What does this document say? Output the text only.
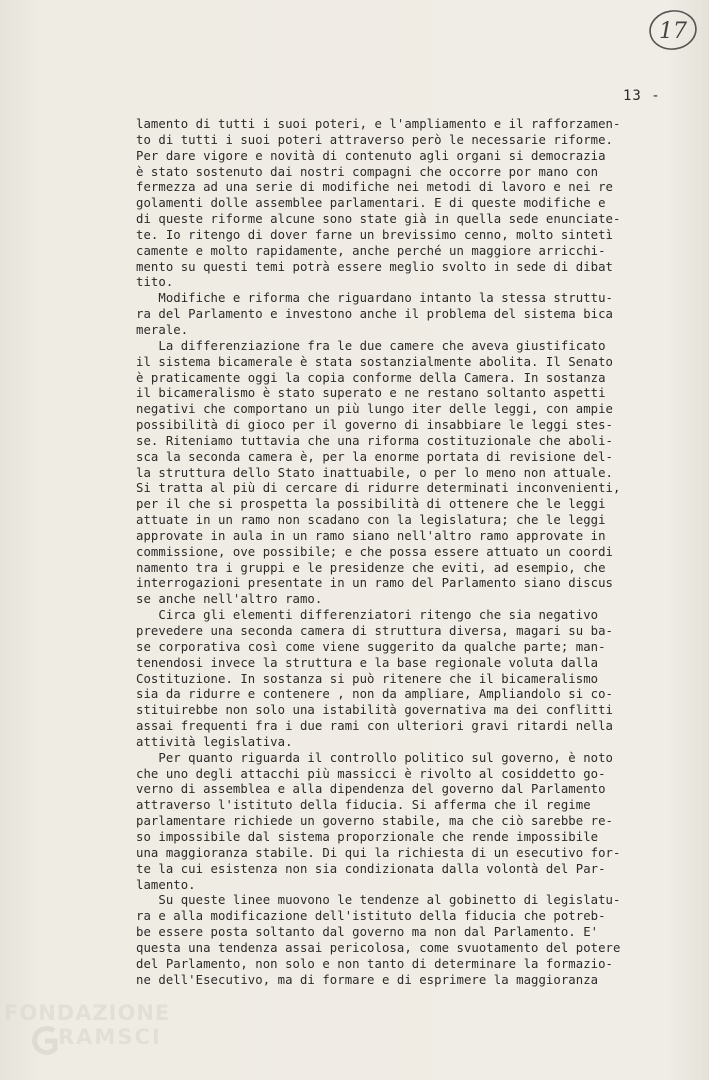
17
13 -
lamento di tutti i suoi poteri, e l'ampliamento e il rafforzamen-
to di tutti i suoi poteri attraverso però le necessarie riforme.
Per dare vigore e novità di contenuto agli organi si democrazia
è stato sostenuto dai nostri compagni che occorre por mano con
fermezza ad una serie di modifiche nei metodi di lavoro e nei re
golamenti dolle assemblee parlamentari. E di queste modifiche e
di queste riforme alcune sono state già in quella sede enunciate-
te. Io ritengo di dover farne un brevissimo cenno, molto sintetì
camente e molto rapidamente, anche perché un maggiore arricchi-
mento su questi temi potrà essere meglio svolto in sede di dibat
tito.
Modifiche e riforma che riguardano intanto la stessa struttu-
ra del Parlamento e investono anche il problema del sistema bica
merale.
La differenziazione fra le due camere che aveva giustificato
il sistema bicamerale è stata sostanzialmente abolita. Il Senato
è praticamente oggi la copia conforme della Camera. In sostanza
il bicameralismo è stato superato e ne restano soltanto aspetti
negativi che comportano un più lungo iter delle leggi, con ampie
possibilità di gioco per il governo di insabbiare le leggi stes-
se. Riteniamo tuttavia che una riforma costituzionale che aboli-
sca la seconda camera è, per la enorme portata di revisione del-
la struttura dello Stato inattuabile, o per lo meno non attuale.
Si tratta al più di cercare di ridurre determinati inconvenienti,
per il che si prospetta la possibilità di ottenere che le leggi
attuate in un ramo non scadano con la legislatura; che le leggi
approvate in aula in un ramo siano nell'altro ramo approvate in
commissione, ove possibile; e che possa essere attuato un coordi
namento tra i gruppi e le presidenze che eviti, ad esempio, che
interrogazioni presentate in un ramo del Parlamento siano discus
se anche nell'altro ramo.
Circa gli elementi differenziatori ritengo che sia negativo
prevedere una seconda camera di struttura diversa, magari su ba-
se corporativa così come viene suggerito da qualche parte; man-
tenendosi invece la struttura e la base regionale voluta dalla
Costituzione. In sostanza si può ritenere che il bicameralismo
sia da ridurre e contenere , non da ampliare, Ampliandolo si co-
stituirebbe non solo una istabilità governativa ma dei conflitti
assai frequenti fra i due rami con ulteriori gravi ritardi nella
attività legislativa.
Per quanto riguarda il controllo politico sul governo, è noto
che uno degli attacchi più massicci è rivolto al cosiddetto go-
verno di assemblea e alla dipendenza del governo dal Parlamento
attraverso l'istituto della fiducia. Si afferma che il regime
parlamentare richiede un governo stabile, ma che ciò sarebbe re-
so impossibile dal sistema proporzionale che rende impossibile
una maggioranza stabile. Di qui la richiesta di un esecutivo for-
te la cui esistenza non sia condizionata dalla volontà del Par-
lamento.
Su queste linee muovono le tendenze al gobinetto di legislatu-
ra e alla modificazione dell'istituto della fiducia che potreb-
be essere posta soltanto dal governo ma non dal Parlamento. E'
questa una tendenza assai pericolosa, come svuotamento del potere
del Parlamento, non solo e non tanto di determinare la formazio-
ne dell'Esecutivo, ma di formare e di esprimere la maggioranza
FONDAZIONE
RAMSCI
